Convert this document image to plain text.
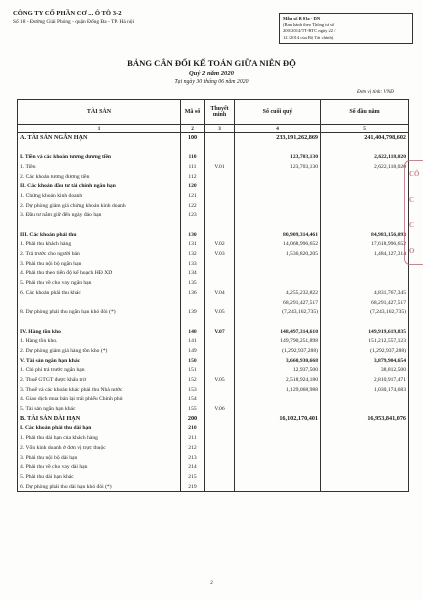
CÔNG TY CỔ PHẦN CƠ ... Ô TÔ 3-2
Số 18 - Đường Giải Phóng - quận Đống Đa - TP. Hà nội
Mẫu số B 01a - DN
(Ban hành theo Thông tư số
200/2014/TT-BTC ngày 22 /
12 /2014 của Bộ Tài chính)
BẢNG CÂN ĐỐI KẾ TOÁN GIỮA NIÊN ĐỘ
Quý 2 năm 2020
Tại ngày 30 tháng 06 năm 2020
Đơn vị tính: VNĐ
TÀI SẢN	Mã số	Thuyết minh	Số cuối quý	Số đầu năm
1	2	3	4	5
A. TÀI SẢN NGẮN HẠN	100		233,191,262,869	241,404,798,602

I. Tiền và các khoản tương đương tiền	110		123,703,130	2,622,118,020
1. Tiền	111	V.01	123,703,130	2,622,118,020
2. Các khoản tương đương tiền	112			
II. Các khoản đầu tư tài chính ngắn hạn	120			
1. Chứng khoán kinh doanh	121			
2. Dự phòng giảm giá chứng khoán kinh doanh	122			
3. Đầu tư nắm giữ đến ngày đáo hạn	123			

III. Các khoản phải thu	130		80,909,314,461	84,983,156,093
1. Phải thu khách hàng	131	V.02	14,068,996,652	17,618,996,652
2. Trả trước cho người bán	132	V.03	1,536,820,205	1,484,127,314
3. Phải thu nội bộ ngắn hạn	133			
4. Phải thu theo tiến độ kế hoạch HĐ XD	134			
5. Phải thu về cho vay ngắn hạn	135			
6. Các khoản phải thu khác	136	V.04	4,255,232,822	4,831,767,345
			68,291,427,517	68,291,427,517
8. Dự phòng phải thu ngắn hạn khó đòi (*)	139	V.05	(7,243,162,735)	(7,243,162,735)

IV. Hàng tồn kho	140	V.07	148,497,314,610	149,919,619,835
1. Hàng tồn kho.	141		149,790,251,898	151,212,557,123
2. Dự phòng giảm giá hàng tồn kho (*)	149		(1,292,937,288)	(1,292,937,288)
V. Tài sản ngắn hạn khác	150		3,660,930,668	3,879,904,654
1. Chi phí trả trước ngắn hạn	151		12,937,500	38,812,500
2. Thuế GTGT được khấu trừ	152	V.05	2,518,924,180	2,810,917,471
3. Thuế và các khoản khác phải thu Nhà nước	153		1,129,068,988	1,030,174,683
4. Giao dịch mua bán lại trái phiếu Chính phủ	154			
5. Tài sản ngắn hạn khác	155	V.06		
B. TÀI SẢN DÀI HẠN	200		16,102,170,401	16,953,841,076
I. Các khoản phải thu dài hạn	210			
1. Phải thu dài hạn của khách hàng	211			
2. Vốn kinh doanh ở đơn vị trực thuộc	212			
3. Phải thu nội bộ dài hạn	213			
4. Phải thu về cho vay dài hạn	214			
5. Phải thu dài hạn khác	215			
6. Dự phòng phải thu dài hạn khó đòi (*)	219			
2
CÔ
C
C
O
